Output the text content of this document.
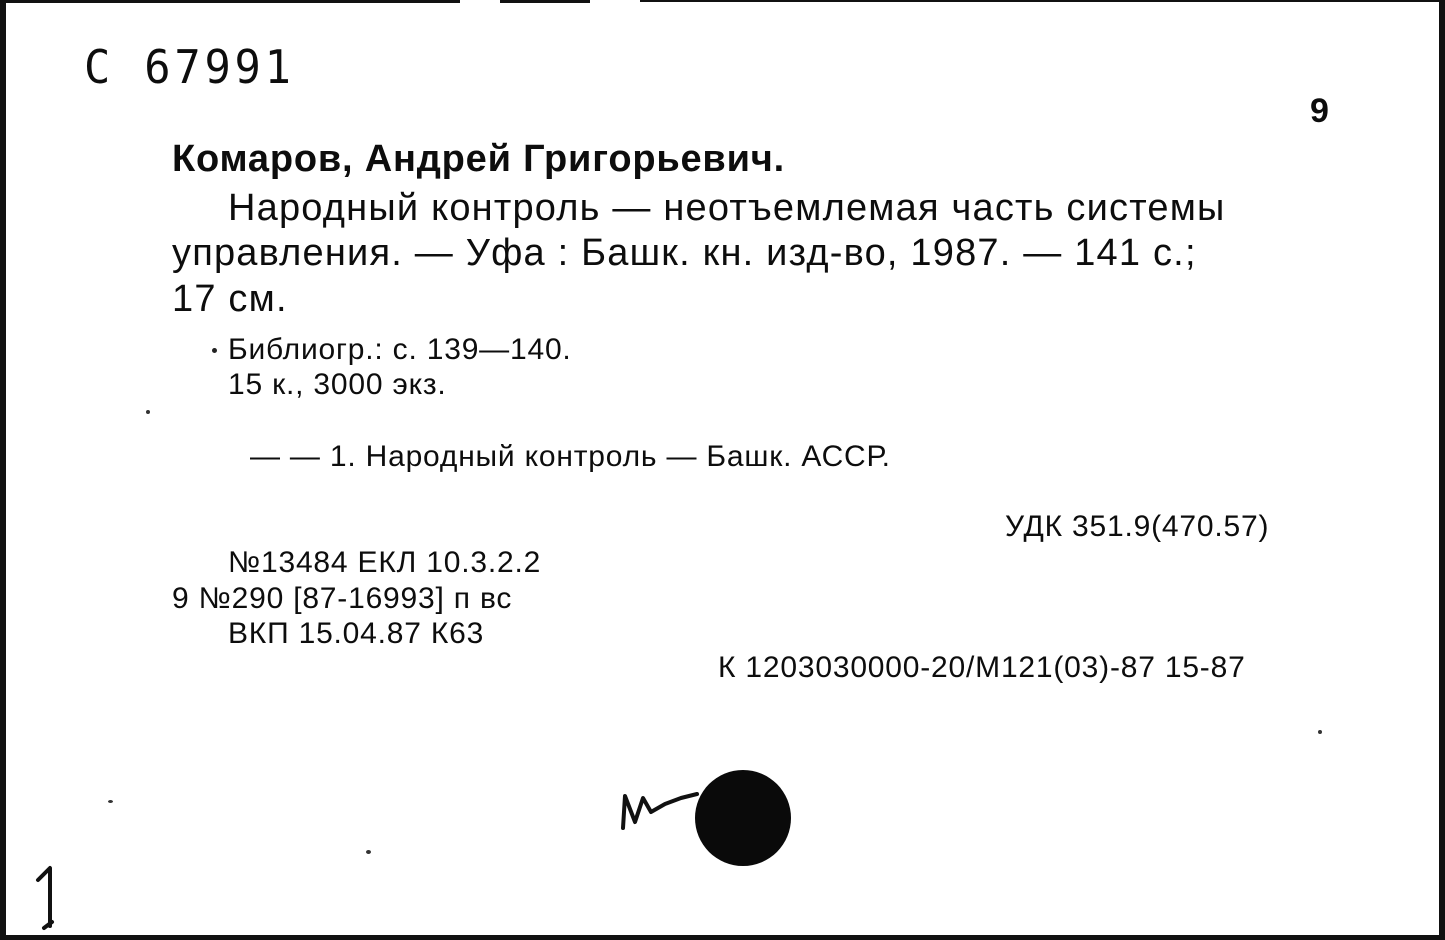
С 67991

9

Комаров, Андрей Григорьевич.

Народный контроль — неотъемлемая часть системы

управления. — Уфа : Башк. кн. изд-во, 1987. — 141 с.;

17 см.

Библиогр.: с. 139—140.

15 к., 3000 экз.

— — 1. Народный контроль — Башк. АССР.

УДК 351.9(470.57)

№13484 ЕКЛ 10.3.2.2

9 №290 [87-16993] п вс

ВКП 15.04.87 К63

К 1203030000-20/М121(03)-87 15-87
